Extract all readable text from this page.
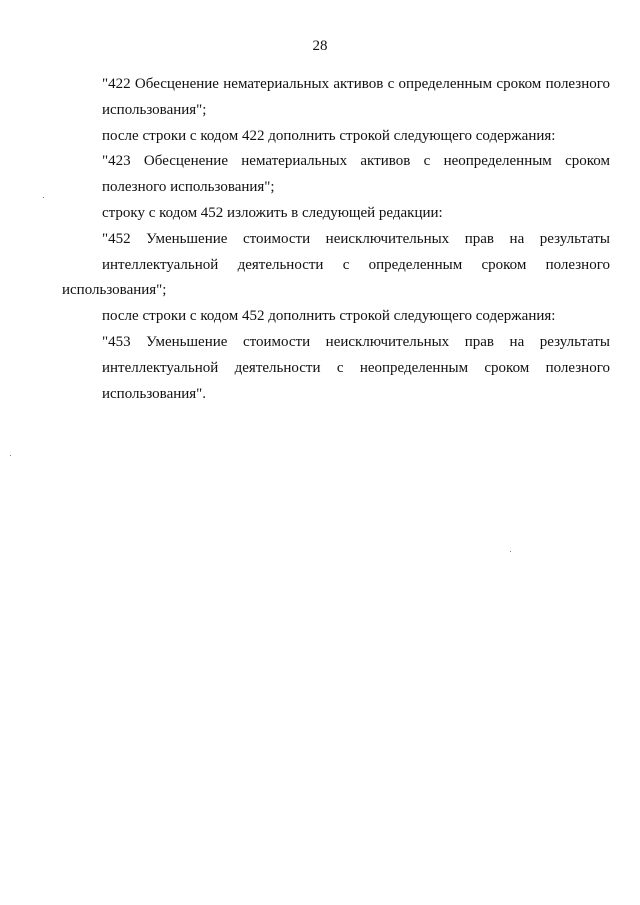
28

"422 Обесценение нематериальных активов с определенным сроком полезного
использования";

после строки с кодом 422 дополнить строкой следующего содержания:

"423 Обесценение нематериальных активов с неопределенным сроком
полезного использования";

строку с кодом 452 изложить в следующей редакции:

"452 Уменьшение стоимости неисключительных прав на результаты
интеллектуальной деятельности с определенным сроком полезного использования";

после строки с кодом 452 дополнить строкой следующего содержания:

"453 Уменьшение стоимости неисключительных прав на результаты
интеллектуальной деятельности с неопределенным сроком полезного
использования".
